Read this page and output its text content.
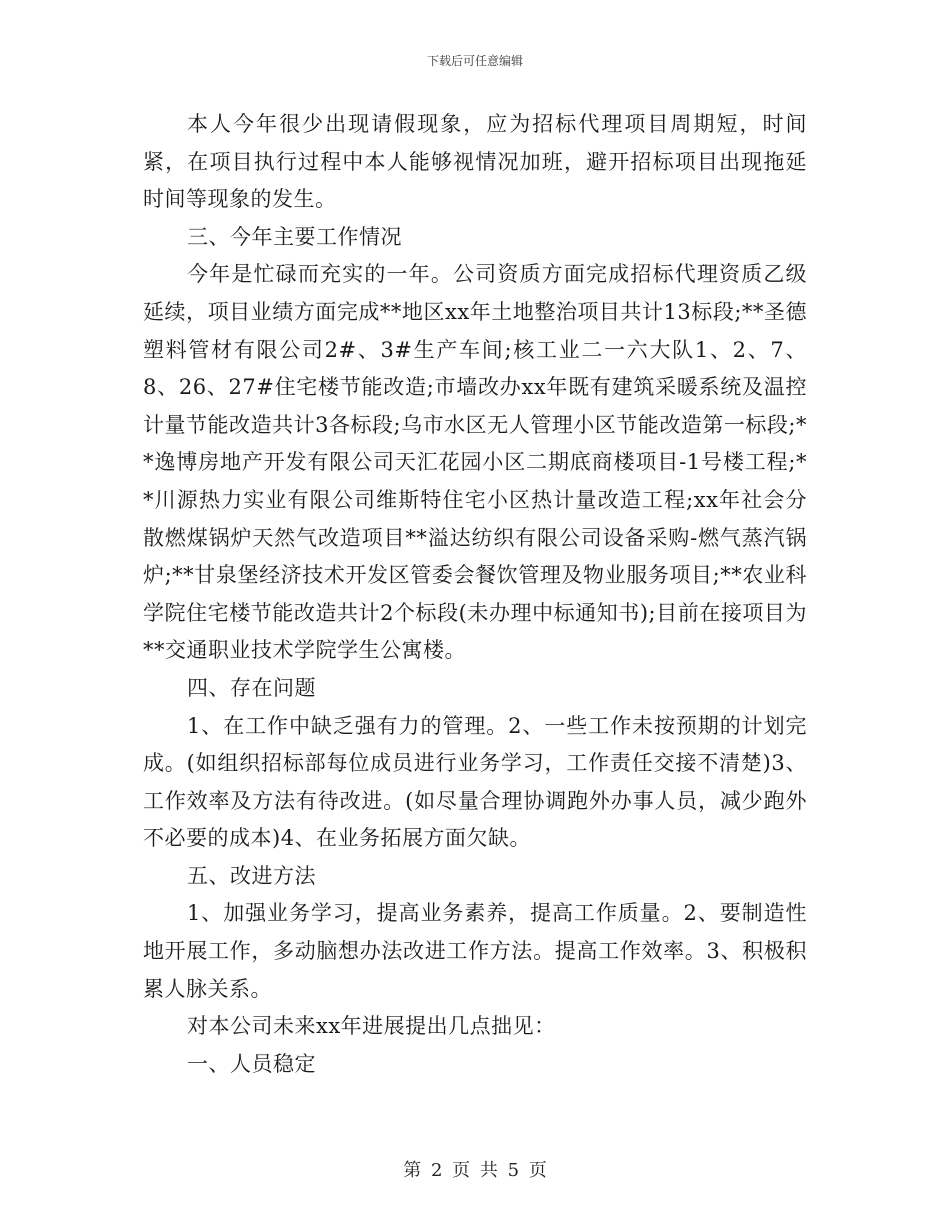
下载后可任意编辑

本人今年很少出现请假现象，应为招标代理项目周期短，时间紧，在项目执行过程中本人能够视情况加班，避开招标项目出现拖延时间等现象的发生。

三、今年主要工作情况

今年是忙碌而充实的一年。公司资质方面完成招标代理资质乙级延续，项目业绩方面完成**地区xx年土地整治项目共计13标段;**圣德塑料管材有限公司2#、3#生产车间;核工业二一六大队1、2、7、8、26、27#住宅楼节能改造;市墙改办xx年既有建筑采暖系统及温控计量节能改造共计3各标段;乌市水区无人管理小区节能改造第一标段;**逸博房地产开发有限公司天汇花园小区二期底商楼项目-1号楼工程;**川源热力实业有限公司维斯特住宅小区热计量改造工程;xx年社会分散燃煤锅炉天然气改造项目**溢达纺织有限公司设备采购-燃气蒸汽锅炉;**甘泉堡经济技术开发区管委会餐饮管理及物业服务项目;**农业科学院住宅楼节能改造共计2个标段(未办理中标通知书);目前在接项目为**交通职业技术学院学生公寓楼。

四、存在问题

1、在工作中缺乏强有力的管理。2、一些工作未按预期的计划完成。(如组织招标部每位成员进行业务学习，工作责任交接不清楚)3、工作效率及方法有待改进。(如尽量合理协调跑外办事人员，减少跑外不必要的成本)4、在业务拓展方面欠缺。

五、改进方法

1、加强业务学习，提高业务素养，提高工作质量。2、要制造性地开展工作，多动脑想办法改进工作方法。提高工作效率。3、积极积累人脉关系。

对本公司未来xx年进展提出几点拙见：

一、人员稳定

第 2 页 共 5 页
